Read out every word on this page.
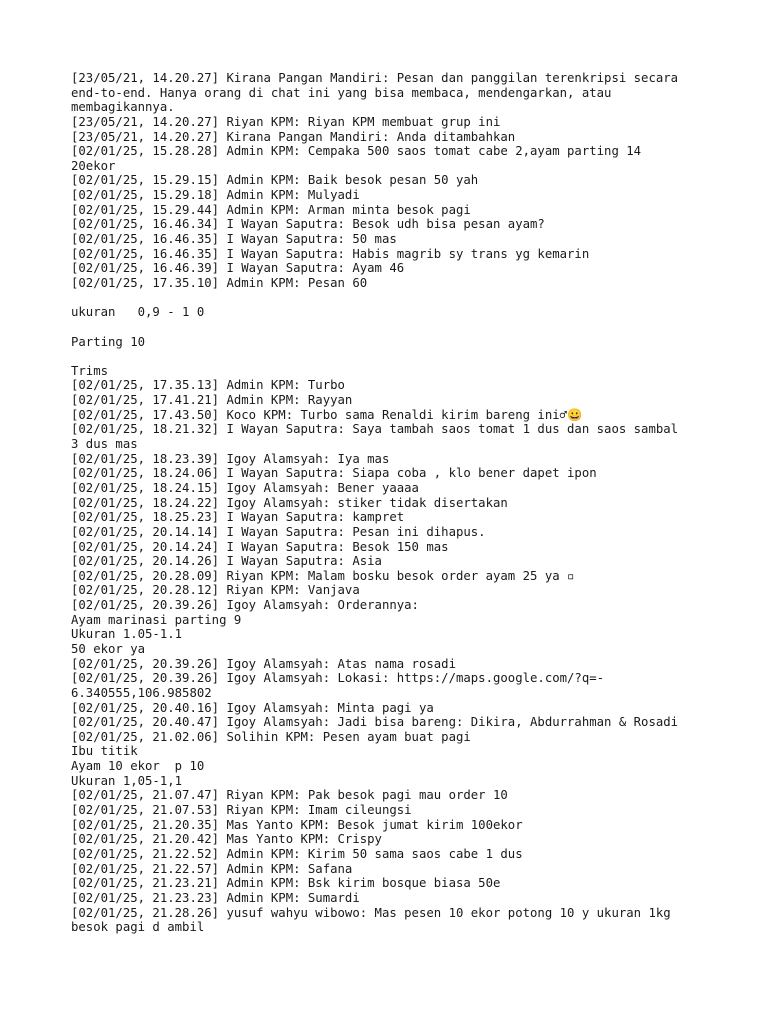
[23/05/21, 14.20.27] Kirana Pangan Mandiri: Pesan dan panggilan terenkripsi secara
end-to-end. Hanya orang di chat ini yang bisa membaca, mendengarkan, atau
membagikannya.
[23/05/21, 14.20.27] Riyan KPM: Riyan KPM membuat grup ini
[23/05/21, 14.20.27] Kirana Pangan Mandiri: Anda ditambahkan
[02/01/25, 15.28.28] Admin KPM: Cempaka 500 saos tomat cabe 2,ayam parting 14
20ekor
[02/01/25, 15.29.15] Admin KPM: Baik besok pesan 50 yah
[02/01/25, 15.29.18] Admin KPM: Mulyadi
[02/01/25, 15.29.44] Admin KPM: Arman minta besok pagi
[02/01/25, 16.46.34] I Wayan Saputra: Besok udh bisa pesan ayam?
[02/01/25, 16.46.35] I Wayan Saputra: 50 mas
[02/01/25, 16.46.35] I Wayan Saputra: Habis magrib sy trans yg kemarin
[02/01/25, 16.46.39] I Wayan Saputra: Ayam 46
[02/01/25, 17.35.10] Admin KPM: Pesan 60
ukuran   0,9 - 1 0
Parting 10
Trims
[02/01/25, 17.35.13] Admin KPM: Turbo
[02/01/25, 17.41.21] Admin KPM: Rayyan
[02/01/25, 17.43.50] Koco KPM: Turbo sama Renaldi kirim bareng ini♂😀
[02/01/25, 18.21.32] I Wayan Saputra: Saya tambah saos tomat 1 dus dan saos sambal
3 dus mas
[02/01/25, 18.23.39] Igoy Alamsyah: Iya mas
[02/01/25, 18.24.06] I Wayan Saputra: Siapa coba , klo bener dapet ipon
[02/01/25, 18.24.15] Igoy Alamsyah: Bener yaaaa
[02/01/25, 18.24.22] Igoy Alamsyah: stiker tidak disertakan
[02/01/25, 18.25.23] I Wayan Saputra: kampret
[02/01/25, 20.14.14] I Wayan Saputra: Pesan ini dihapus.
[02/01/25, 20.14.24] I Wayan Saputra: Besok 150 mas
[02/01/25, 20.14.26] I Wayan Saputra: Asia
[02/01/25, 20.28.09] Riyan KPM: Malam bosku besok order ayam 25 ya ▫
[02/01/25, 20.28.12] Riyan KPM: Vanjava
[02/01/25, 20.39.26] Igoy Alamsyah: Orderannya:
Ayam marinasi parting 9
Ukuran 1.05-1.1
50 ekor ya
[02/01/25, 20.39.26] Igoy Alamsyah: Atas nama rosadi
[02/01/25, 20.39.26] Igoy Alamsyah: Lokasi: https://maps.google.com/?q=-
6.340555,106.985802
[02/01/25, 20.40.16] Igoy Alamsyah: Minta pagi ya
[02/01/25, 20.40.47] Igoy Alamsyah: Jadi bisa bareng: Dikira, Abdurrahman & Rosadi
[02/01/25, 21.02.06] Solihin KPM: Pesen ayam buat pagi
Ibu titik
Ayam 10 ekor  p 10
Ukuran 1,05-1,1
[02/01/25, 21.07.47] Riyan KPM: Pak besok pagi mau order 10
[02/01/25, 21.07.53] Riyan KPM: Imam cileungsi
[02/01/25, 21.20.35] Mas Yanto KPM: Besok jumat kirim 100ekor
[02/01/25, 21.20.42] Mas Yanto KPM: Crispy
[02/01/25, 21.22.52] Admin KPM: Kirim 50 sama saos cabe 1 dus
[02/01/25, 21.22.57] Admin KPM: Safana
[02/01/25, 21.23.21] Admin KPM: Bsk kirim bosque biasa 50e
[02/01/25, 21.23.23] Admin KPM: Sumardi
[02/01/25, 21.28.26] yusuf wahyu wibowo: Mas pesen 10 ekor potong 10 y ukuran 1kg
besok pagi d ambil
